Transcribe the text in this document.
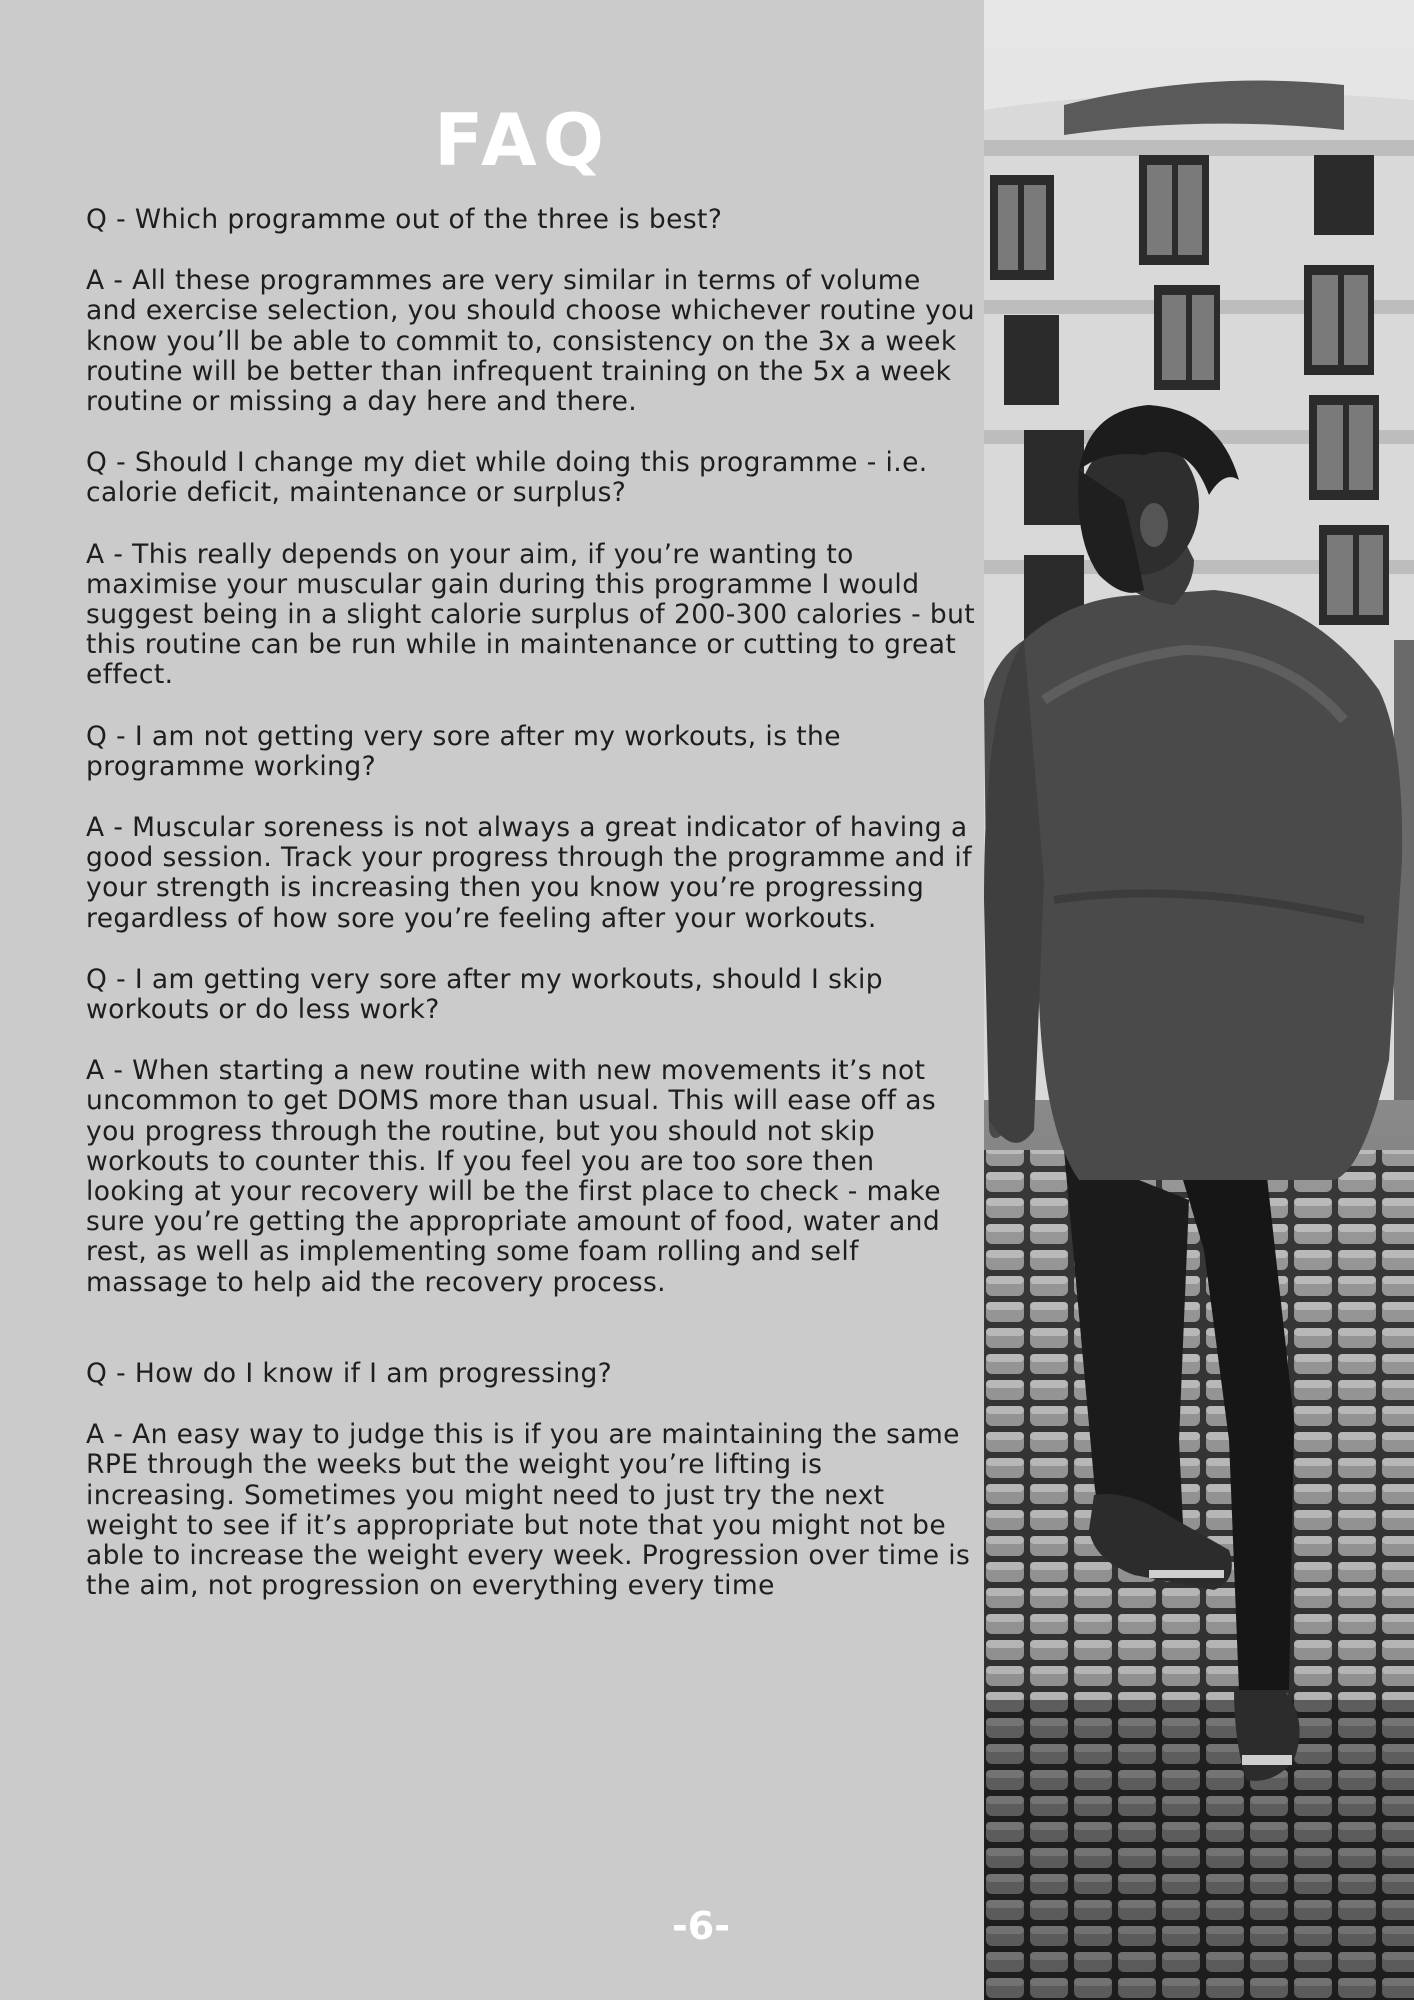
FAQ

Q - Which programme out of the three is best?

A - All these programmes are very similar in terms of volume and exercise selection, you should choose whichever routine you know you’ll be able to commit to, consistency on the 3x a week routine will be better than infrequent training on the 5x a week routine or missing a day here and there.

Q - Should I change my diet while doing this programme - i.e. calorie deficit, maintenance or surplus?

A - This really depends on your aim, if you’re wanting to maximise your muscular gain during this programme I would suggest being in a slight calorie surplus of 200-300 calories - but this routine can be run while in maintenance or cutting to great effect.

Q - I am not getting very sore after my workouts, is the programme working?

A - Muscular soreness is not always a great indicator of having a good session. Track your progress through the programme and if your strength is increasing then you know you’re progressing regardless of how sore you’re feeling after your workouts.

Q - I am getting very sore after my workouts, should I skip workouts or do less work?

A - When starting a new routine with new movements it’s not uncommon to get DOMS more than usual. This will ease off as you progress through the routine, but you should not skip workouts to counter this. If you feel you are too sore then looking at your recovery will be the first place to check - make sure you’re getting the appropriate amount of food, water and rest, as well as implementing some foam rolling and self massage to help aid the recovery process.

Q - How do I know if I am progressing?

A - An easy way to judge this is if you are maintaining the same RPE through the weeks but the weight you’re lifting is increasing. Sometimes you might need to just try the next weight to see if it’s appropriate but note that you might not be able to increase the weight every week. Progression over time is the aim, not progression on everything every time

-6-
